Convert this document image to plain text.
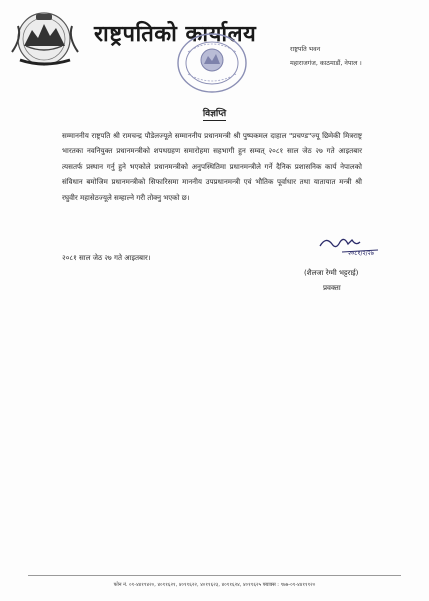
राष्ट्रपतिको कार्यालय
राष्ट्रपति भवन
महाराजगंज, काठमाडौं, नेपाल ।
विज्ञप्ति
सम्माननीय राष्ट्रपति श्री रामचन्द्र पौडेलज्यूले सम्माननीय प्रधानमन्त्री श्री पुष्पकमल दाहाल "प्रचण्ड"ज्यू छिमेकी मित्रराष्ट्र भारतका नवनियुक्त प्रधानमन्त्रीको शपथग्रहण समारोहमा सहभागी हुन सम्वत् २०८१ साल जेठ २७ गते आइतबार त्यसतर्फ प्रस्थान गर्नु हुने भएकोले प्रधानमन्त्रीको अनुपस्थितिमा प्रधानमन्त्रीले गर्ने दैनिक प्रशासनिक कार्य नेपालको संविधान बमोजिम प्रधानमन्त्रीको सिफारिसमा माननीय उपप्रधानमन्त्री एवं भौतिक पूर्वाधार तथा यातायात मन्त्री श्री रघुवीर महासेठज्यूले सम्हाल्ने गरी तोक्नु भएको छ।
२०८१ साल जेठ २७ गते आइतबार।	२०८१/२/२७
(शैलजा रेग्मी भट्टराई)
प्रवक्ता
फोन नं. ०१-४४१९४२०, ४०११६२१, ४०११६२२, ४०११६२३, ४०११६२४, ४०११६२५ फ्याक्स : ९७७-०१-४४१११२०
